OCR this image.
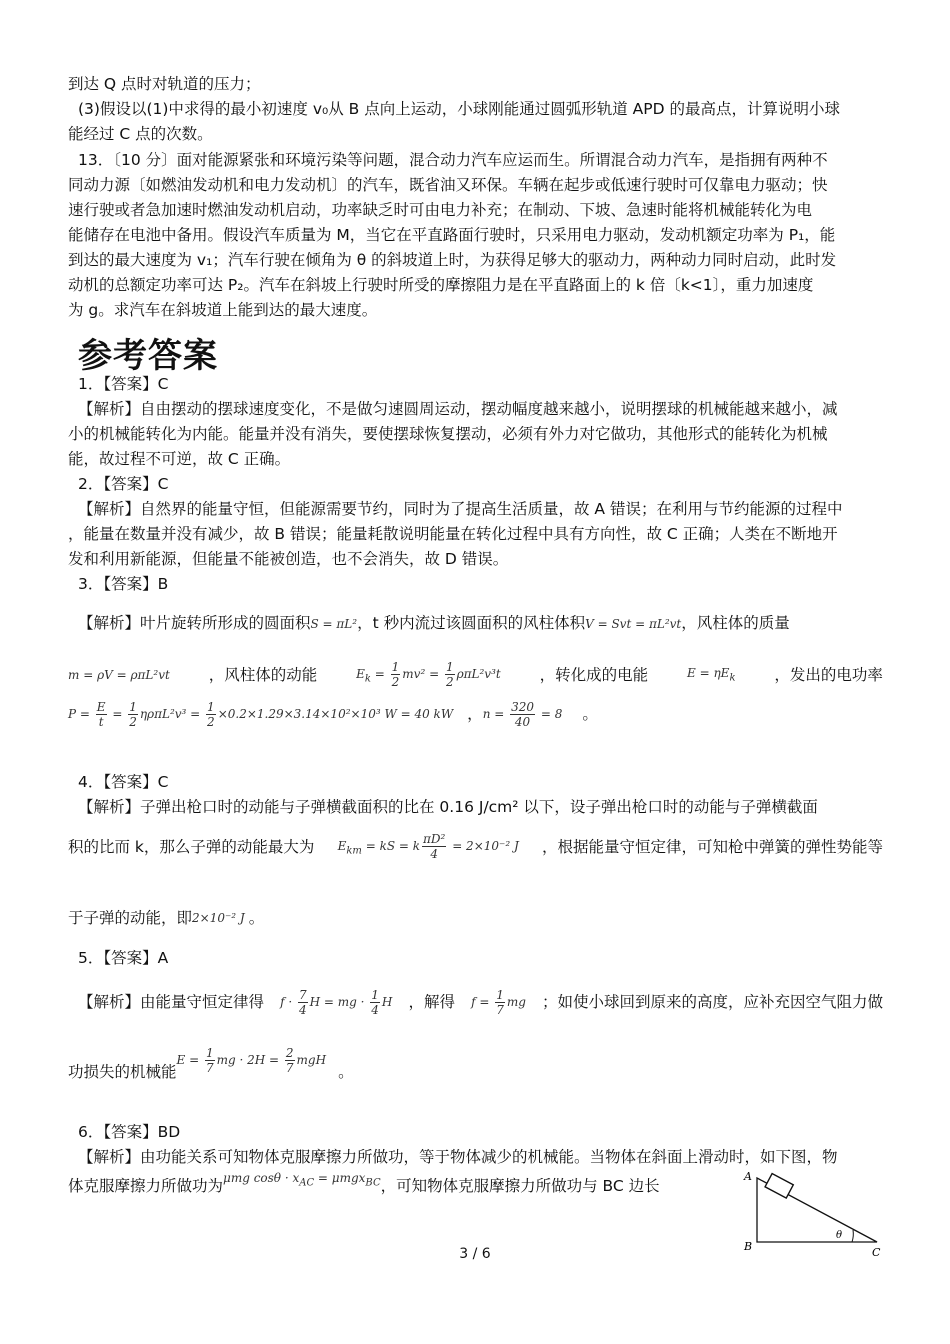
到达 Q 点时对轨道的压力；
(3)假设以(1)中求得的最小初速度 v₀从 B 点向上运动，小球刚能通过圆弧形轨道 APD 的最高点，计算说明小球
能经过 C 点的次数。
13．〔10 分〕面对能源紧张和环境污染等问题，混合动力汽车应运而生。所谓混合动力汽车，是指拥有两种不
同动力源〔如燃油发动机和电力发动机〕的汽车，既省油又环保。车辆在起步或低速行驶时可仅靠电力驱动；快
速行驶或者急加速时燃油发动机启动，功率缺乏时可由电力补充；在制动、下坡、急速时能将机械能转化为电
能储存在电池中备用。假设汽车质量为 M，当它在平直路面行驶时，只采用电力驱动，发动机额定功率为 P₁，能
到达的最大速度为 v₁；汽车行驶在倾角为 θ 的斜坡道上时，为获得足够大的驱动力，两种动力同时启动，此时发
动机的总额定功率可达 P₂。汽车在斜坡上行驶时所受的摩擦阻力是在平直路面上的 k 倍〔k<1〕，重力加速度
为 g。求汽车在斜坡道上能到达的最大速度。
参考答案
1．【答案】C
【解析】自由摆动的摆球速度变化，不是做匀速圆周运动，摆动幅度越来越小，说明摆球的机械能越来越小，减
小的机械能转化为内能。能量并没有消失，要使摆球恢复摆动，必须有外力对它做功，其他形式的能转化为机械
能，故过程不可逆，故 C 正确。
2．【答案】C
【解析】自然界的能量守恒，但能源需要节约，同时为了提高生活质量，故 A 错误；在利用与节约能源的过程中
，能量在数量并没有减少，故 B 错误；能量耗散说明能量在转化过程中具有方向性，故 C 正确；人类在不断地开
发和利用新能源，但能量不能被创造，也不会消失，故 D 错误。
3．【答案】B
【解析】叶片旋转所形成的圆面积S = πL²，t 秒内流过该圆面积的风柱体积V = Svt = πL²vt，风柱体的质量
m = ρV = ρπL²vt	，风柱体的动能	$E_k = \frac{1}{2} mv^2 = \frac{1}{2} \rho\pi L^2v^3t$	，转化成的电能	$E = \eta E_k$	，发出的电功率
$P = \frac{E}{t} = \frac{1}{2} \eta\rho\pi L^2v^3 = \frac{1}{2} \times 0.2\times 1.29\times 3.14\times 10^2\times 10^3$ W = 40 kW ，$n = \frac{320}{40} = 8$ 。
4．【答案】C
【解析】子弹出枪口时的动能与子弹横截面积的比在 0.16 J/cm² 以下，设子弹出枪口时的动能与子弹横截面
积的比而 k，那么子弹的动能最大为 $E_{km}$ = kS = k $\frac{\text{πD²}}{4} = 2\times 10^{-2}$ J ，根据能量守恒定律，可知枪中弹簧的弹性势能等
于子弹的动能，即2×10⁻² J 。
5．【答案】A
【解析】由能量守恒定律得 $f \cdot \frac{7}{4}$ H = mg · $\frac{1}{4}$ H ，解得 $f = \frac{1}{7}$ mg ；如使小球回到原来的高度，应补充因空气阻力做
功损失的机械能$E = \frac{1}{7}$ mg · $2H = \frac{2}{7}$ mgH。
6．【答案】BD
【解析】由功能关系可知物体克服摩擦力所做功，等于物体减少的机械能。当物体在斜面上滑动时，如下图，物
体克服摩擦力所做功为μmg $\cos\theta \cdot x_{AC} = \mu mgx_{BC}$，可知物体克服摩擦力所做功与 BC 边长
A
B	C
θ
3 / 6
